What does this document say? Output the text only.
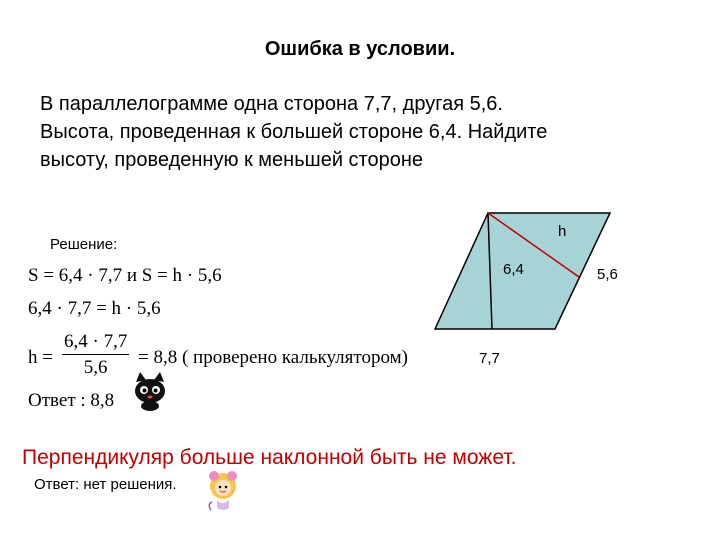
Ошибка в условии.
В параллелограмме одна сторона 7,7, другая 5,6.
Высота, проведенная к большей стороне 6,4. Найдите
высоту, проведенную к меньшей стороне
Решение:
S = 6,4 · 7,7 и S = h · 5,6
6,4 · 7,7 = h · 5,6
$h = \frac{6,4 \cdot 7,7}{5,6} = 8,8$ ( проверено калькулятором)
Ответ : 8,8
h
6,4	5,6
7,7
Перпендикуляр больше наклонной быть не может.
Ответ: нет решения.
